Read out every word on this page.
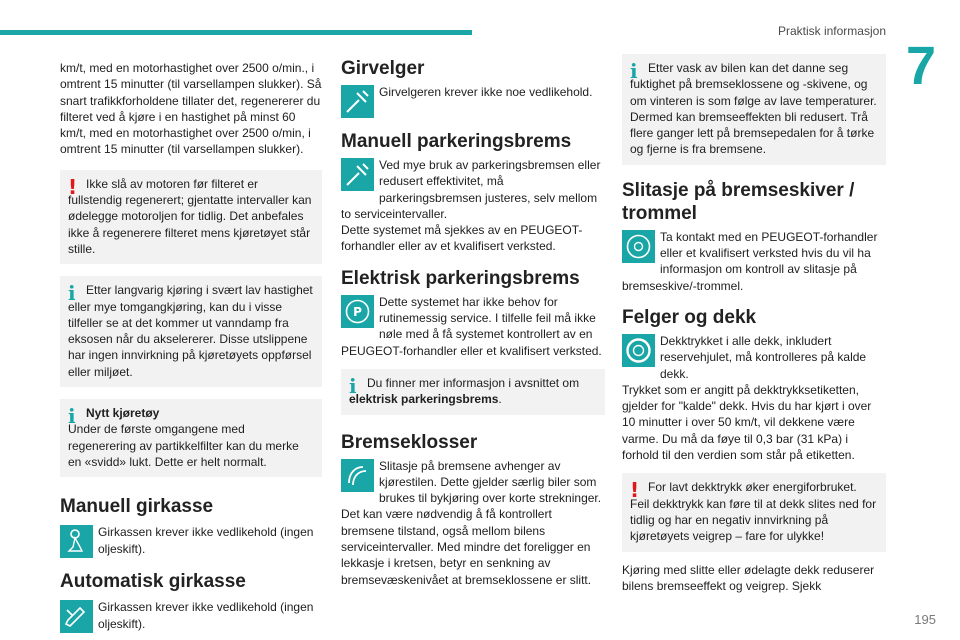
Praktisk informasjon
7
195

km/t, med en motorhastighet over 2500 o/min., i omtrent 15 minutter (til varsellampen slukker). Så snart trafikkforholdene tillater det, regenererer du filteret ved å kjøre i en hastighet på minst 60 km/t, med en motorhastighet over 2500 o/min, i omtrent 15 minutter (til varsellampen slukker).

! Ikke slå av motoren før filteret er fullstendig regenerert; gjentatte intervaller kan ødelegge motoroljen for tidlig. Det anbefales ikke å regenerere filteret mens kjøretøyet står stille.

i Etter langvarig kjøring i svært lav hastighet eller mye tomgangkjøring, kan du i visse tilfeller se at det kommer ut vanndamp fra eksosen når du akselererer. Disse utslippene har ingen innvirkning på kjøretøyets oppførsel eller miljøet.

i Nytt kjøretøy

Under de første omgangene med regenerering av partikkelfilter kan du merke en «svidd» lukt. Dette er helt normalt.

Manuell girkasse

Girkassen krever ikke vedlikehold (ingen oljeskift).

Automatisk girkasse

Girkassen krever ikke vedlikehold (ingen oljeskift).

Girvelger

Girvelgeren krever ikke noe vedlikehold.

Manuell parkeringsbrems

Ved mye bruk av parkeringsbremsen eller redusert effektivitet, må parkeringsbremsen justeres, selv mellom to serviceintervaller.

Dette systemet må sjekkes av en PEUGEOT-forhandler eller av et kvalifisert verksted.

Elektrisk parkeringsbrems
P

Dette systemet har ikke behov for rutinemessig service. I tilfelle feil må ikke nøle med å få systemet kontrollert av en PEUGEOT-forhandler eller et kvalifisert verksted.

i Du finner mer informasjon i avsnittet om elektrisk parkeringsbrems.

Bremseklosser

Slitasje på bremsene avhenger av kjørestilen. Dette gjelder særlig biler som brukes til bykjøring over korte strekninger. Det kan være nødvendig å få kontrollert bremsene tilstand, også mellom bilens serviceintervaller. Med mindre det foreligger en lekkasje i kretsen, betyr en senkning av bremsevæskenivået at bremseklossene er slitt.

i Etter vask av bilen kan det danne seg fuktighet på bremseklossene og -skivene, og om vinteren is som følge av lave temperaturer. Dermed kan bremseeffekten bli redusert. Trå flere ganger lett på bremsepedalen for å tørke og fjerne is fra bremsene.

Slitasje på bremseskiver / trommel

Ta kontakt med en PEUGEOT-forhandler eller et kvalifisert verksted hvis du vil ha informasjon om kontroll av slitasje på bremseskive/-trommel.

Felger og dekk

Dekktrykket i alle dekk, inkludert reservehjulet, må kontrolleres på kalde dekk.

Trykket som er angitt på dekktrykksetiketten, gjelder for "kalde" dekk. Hvis du har kjørt i over 10 minutter i over 50 km/t, vil dekkene være varme. Du må da føye til 0,3 bar (31 kPa) i forhold til den verdien som står på etiketten.

! For lavt dekktrykk øker energiforbruket. Feil dekktrykk kan føre til at dekk slites ned for tidlig og har en negativ innvirkning på kjøretøyets veigrep – fare for ulykke!

Kjøring med slitte eller ødelagte dekk reduserer bilens bremseeffekt og veigrep. Sjekk
